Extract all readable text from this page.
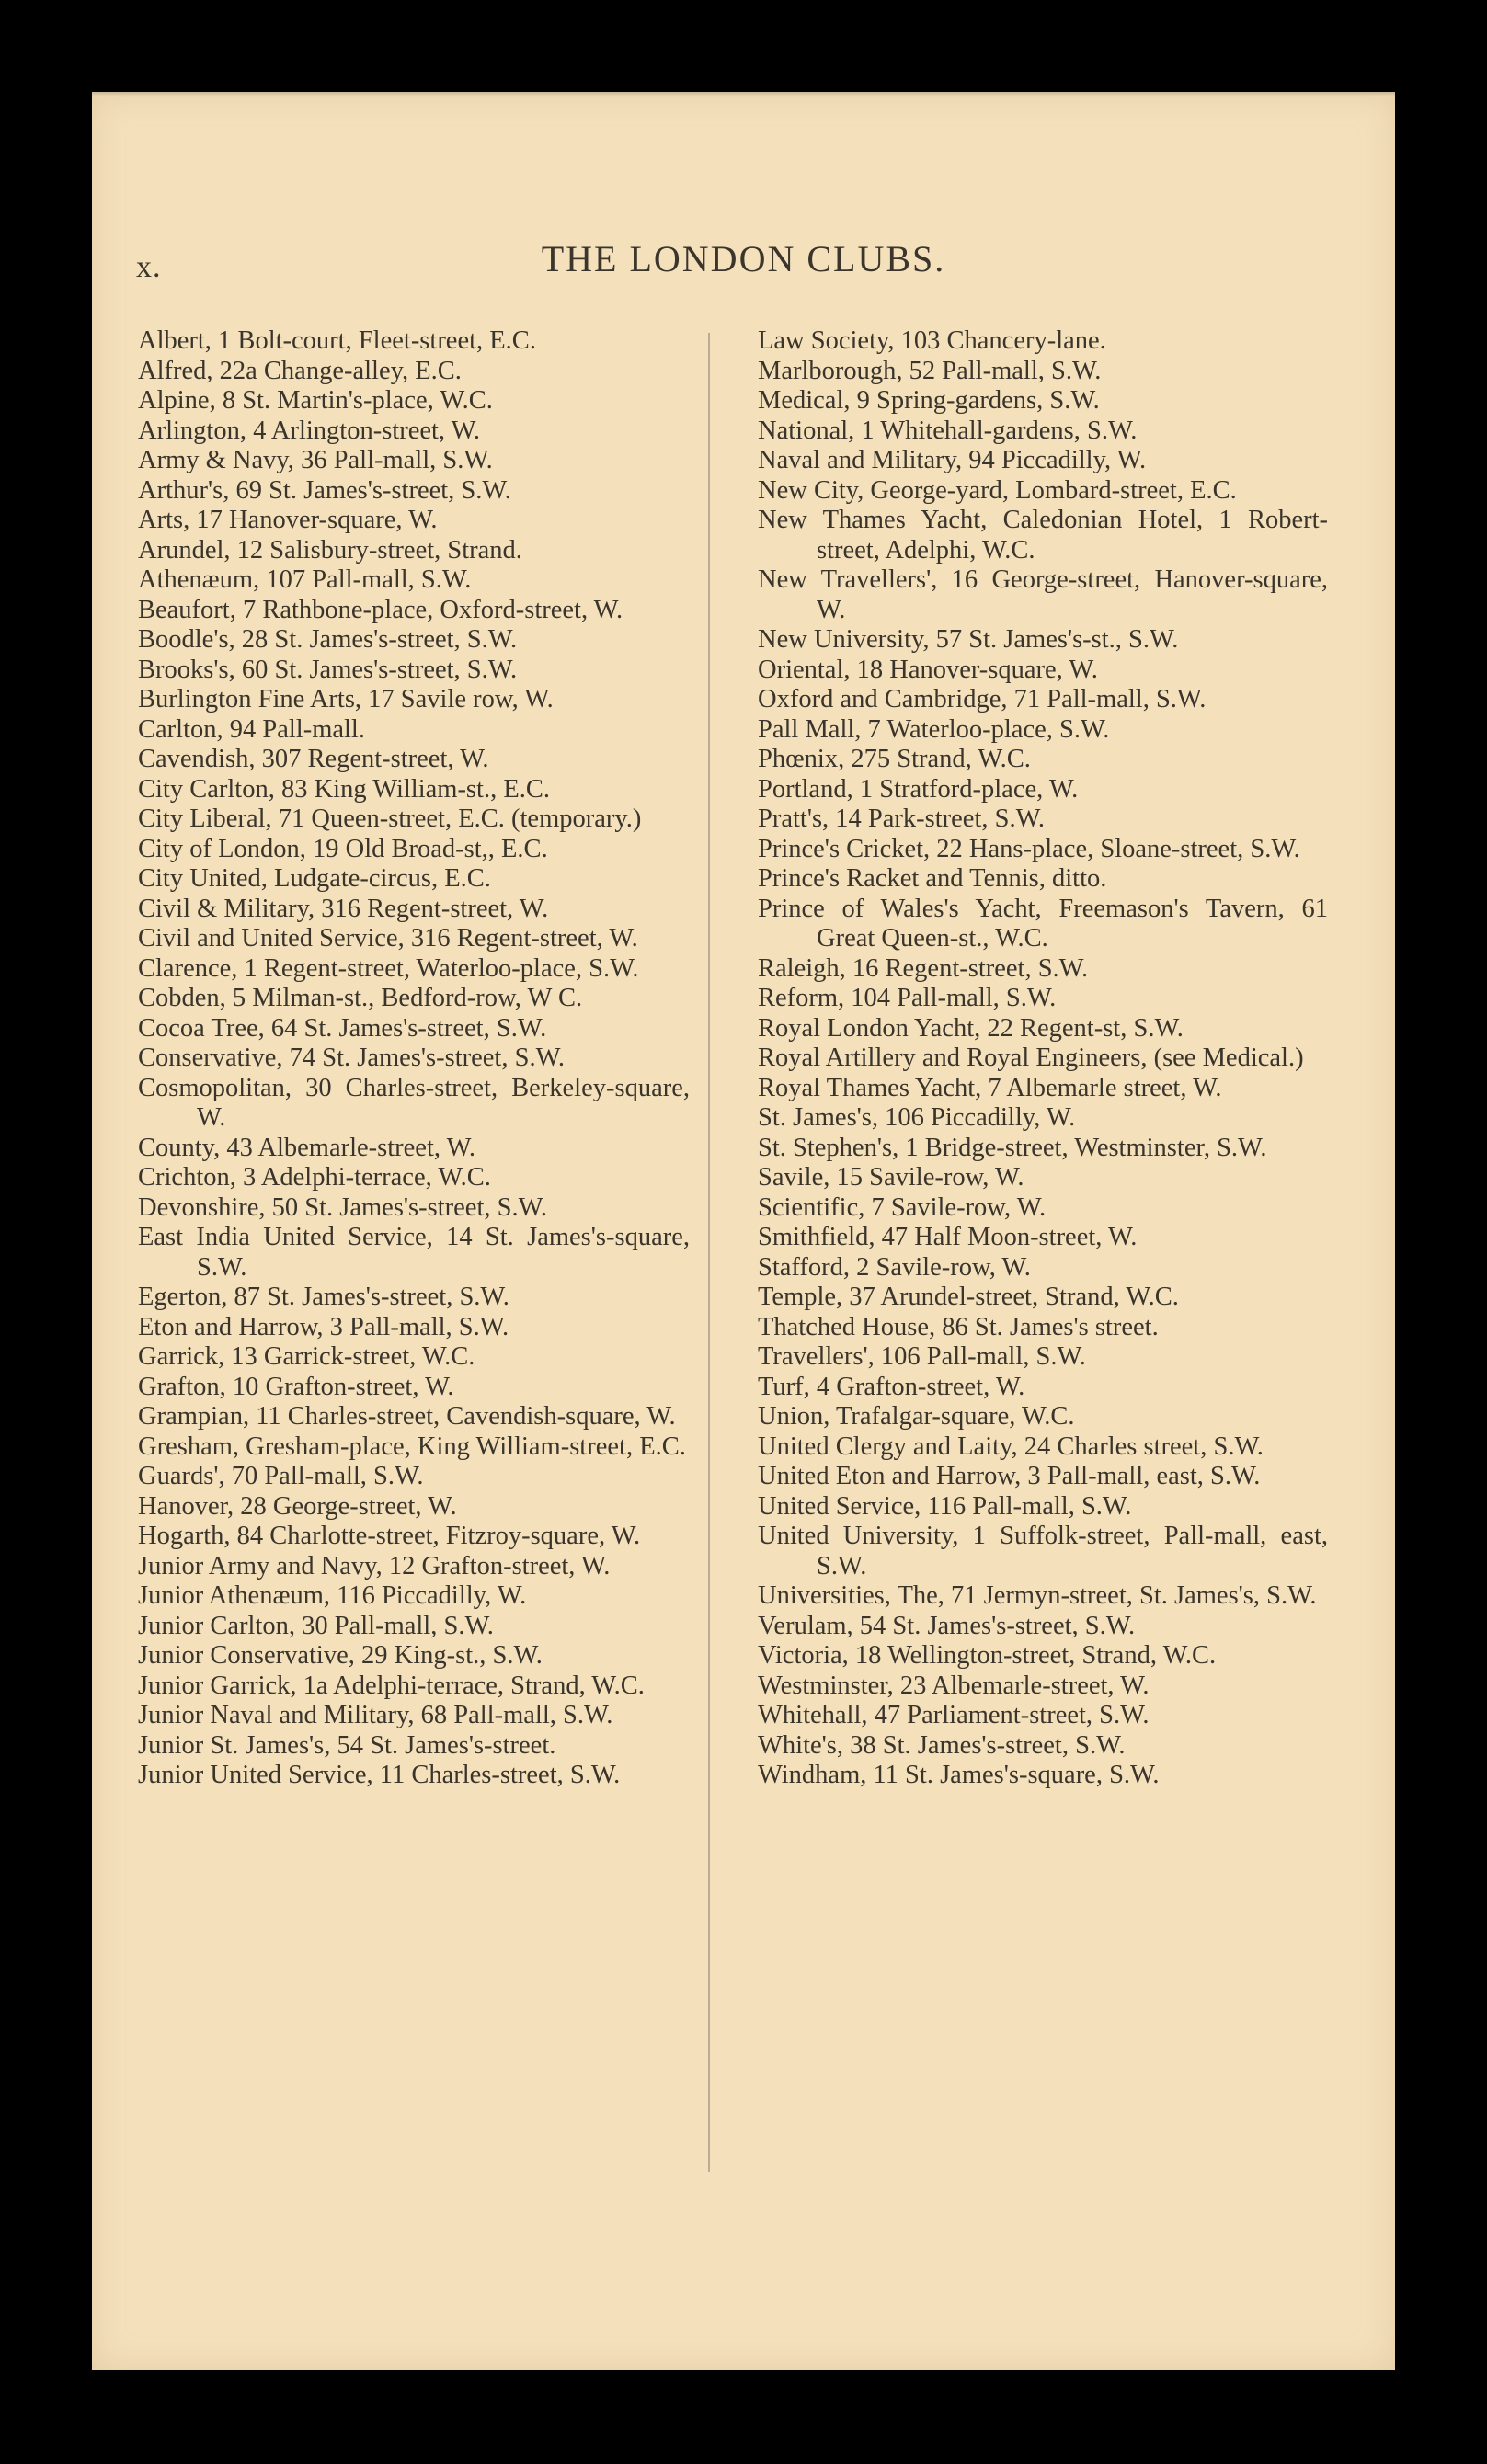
x.	THE LONDON CLUBS.

Albert, 1 Bolt-court, Fleet-street, E.C.

Alfred, 22a Change-alley, E.C.

Alpine, 8 St. Martin's-place, W.C.

Arlington, 4 Arlington-street, W.

Army & Navy, 36 Pall-mall, S.W.

Arthur's, 69 St. James's-street, S.W.

Arts, 17 Hanover-square, W.

Arundel, 12 Salisbury-street, Strand.

Athenæum, 107 Pall-mall, S.W.

Beaufort, 7 Rathbone-place, Oxford-street, W.

Boodle's, 28 St. James's-street, S.W.

Brooks's, 60 St. James's-street, S.W.

Burlington Fine Arts, 17 Savile row, W.

Carlton, 94 Pall-mall.

Cavendish, 307 Regent-street, W.

City Carlton, 83 King William-st., E.C.

City Liberal, 71 Queen-street, E.C. (temporary.)

City of London, 19 Old Broad-st,, E.C.

City United, Ludgate-circus, E.C.

Civil & Military, 316 Regent-street, W.

Civil and United Service, 316 Regent-street, W.

Clarence, 1 Regent-street, Waterloo-place, S.W.

Cobden, 5 Milman-st., Bedford-row, W C.

Cocoa Tree, 64 St. James's-street, S.W.

Conservative, 74 St. James's-street, S.W.

Cosmopolitan, 30 Charles-street, Berkeley-square, W.

County, 43 Albemarle-street, W.

Crichton, 3 Adelphi-terrace, W.C.

Devonshire, 50 St. James's-street, S.W.

East India United Service, 14 St. James's-square, S.W.

Egerton, 87 St. James's-street, S.W.

Eton and Harrow, 3 Pall-mall, S.W.

Garrick, 13 Garrick-street, W.C.

Grafton, 10 Grafton-street, W.

Grampian, 11 Charles-street, Cavendish-square, W.

Gresham, Gresham-place, King William-street, E.C.

Guards', 70 Pall-mall, S.W.

Hanover, 28 George-street, W.

Hogarth, 84 Charlotte-street, Fitzroy-square, W.

Junior Army and Navy, 12 Grafton-street, W.

Junior Athenæum, 116 Piccadilly, W.

Junior Carlton, 30 Pall-mall, S.W.

Junior Conservative, 29 King-st., S.W.

Junior Garrick, 1a Adelphi-terrace, Strand, W.C.

Junior Naval and Military, 68 Pall-mall, S.W.

Junior St. James's, 54 St. James's-street.

Junior United Service, 11 Charles-street, S.W.

Law Society, 103 Chancery-lane.

Marlborough, 52 Pall-mall, S.W.

Medical, 9 Spring-gardens, S.W.

National, 1 Whitehall-gardens, S.W.

Naval and Military, 94 Piccadilly, W.

New City, George-yard, Lombard-street, E.C.

New Thames Yacht, Caledonian Hotel, 1 Robert-street, Adelphi, W.C.

New Travellers', 16 George-street, Hanover-square, W.

New University, 57 St. James's-st., S.W.

Oriental, 18 Hanover-square, W.

Oxford and Cambridge, 71 Pall-mall, S.W.

Pall Mall, 7 Waterloo-place, S.W.

Phœnix, 275 Strand, W.C.

Portland, 1 Stratford-place, W.

Pratt's, 14 Park-street, S.W.

Prince's Cricket, 22 Hans-place, Sloane-street, S.W.

Prince's Racket and Tennis, ditto.

Prince of Wales's Yacht, Freemason's Tavern, 61 Great Queen-st., W.C.

Raleigh, 16 Regent-street, S.W.

Reform, 104 Pall-mall, S.W.

Royal London Yacht, 22 Regent-st, S.W.

Royal Artillery and Royal Engineers, (see Medical.)

Royal Thames Yacht, 7 Albemarle street, W.

St. James's, 106 Piccadilly, W.

St. Stephen's, 1 Bridge-street, Westminster, S.W.

Savile, 15 Savile-row, W.

Scientific, 7 Savile-row, W.

Smithfield, 47 Half Moon-street, W.

Stafford, 2 Savile-row, W.

Temple, 37 Arundel-street, Strand, W.C.

Thatched House, 86 St. James's street.

Travellers', 106 Pall-mall, S.W.

Turf, 4 Grafton-street, W.

Union, Trafalgar-square, W.C.

United Clergy and Laity, 24 Charles street, S.W.

United Eton and Harrow, 3 Pall-mall, east, S.W.

United Service, 116 Pall-mall, S.W.

United University, 1 Suffolk-street, Pall-mall, east, S.W.

Universities, The, 71 Jermyn-street, St. James's, S.W.

Verulam, 54 St. James's-street, S.W.

Victoria, 18 Wellington-street, Strand, W.C.

Westminster, 23 Albemarle-street, W.

Whitehall, 47 Parliament-street, S.W.

White's, 38 St. James's-street, S.W.

Windham, 11 St. James's-square, S.W.
